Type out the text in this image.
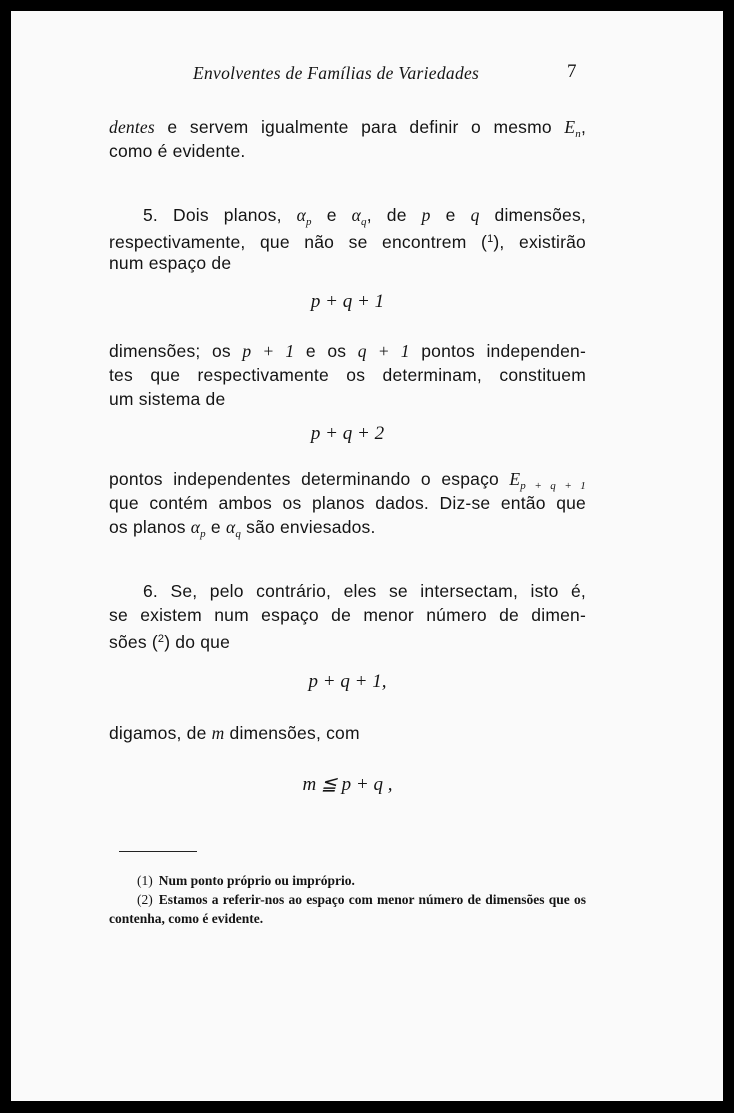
Envolventes de Famílias de Variedades	7
dentes e servem igualmente para definir o mesmo $E_n$,
como é evidente.
5. Dois planos, $\alpha_p$ e $\alpha_q$, de p e q dimensões,
respectivamente, que não se encontrem ($^1$), existirão
num espaço de
p + q + 1
dimensões; os p + 1 e os q + 1 pontos independen-
tes que respectivamente os determinam, constituem
um sistema de
p + q + 2
pontos independentes determinando o espaço $E_{p + q + 1}$
que contém ambos os planos dados. Diz-se então que
os planos $\alpha_p$ e $\alpha_q$ são enviesados.
6. Se, pelo contrário, eles se intersectam, isto é,
se existem num espaço de menor número de dimen-
sões ($^2$) do que
p + q + 1,
digamos, de m dimensões, com
m ≦ p + q ,
(1) Num ponto próprio ou impróprio.
(2) Estamos a referir-nos ao espaço com menor número de dimensões que os contenha, como é evidente.
